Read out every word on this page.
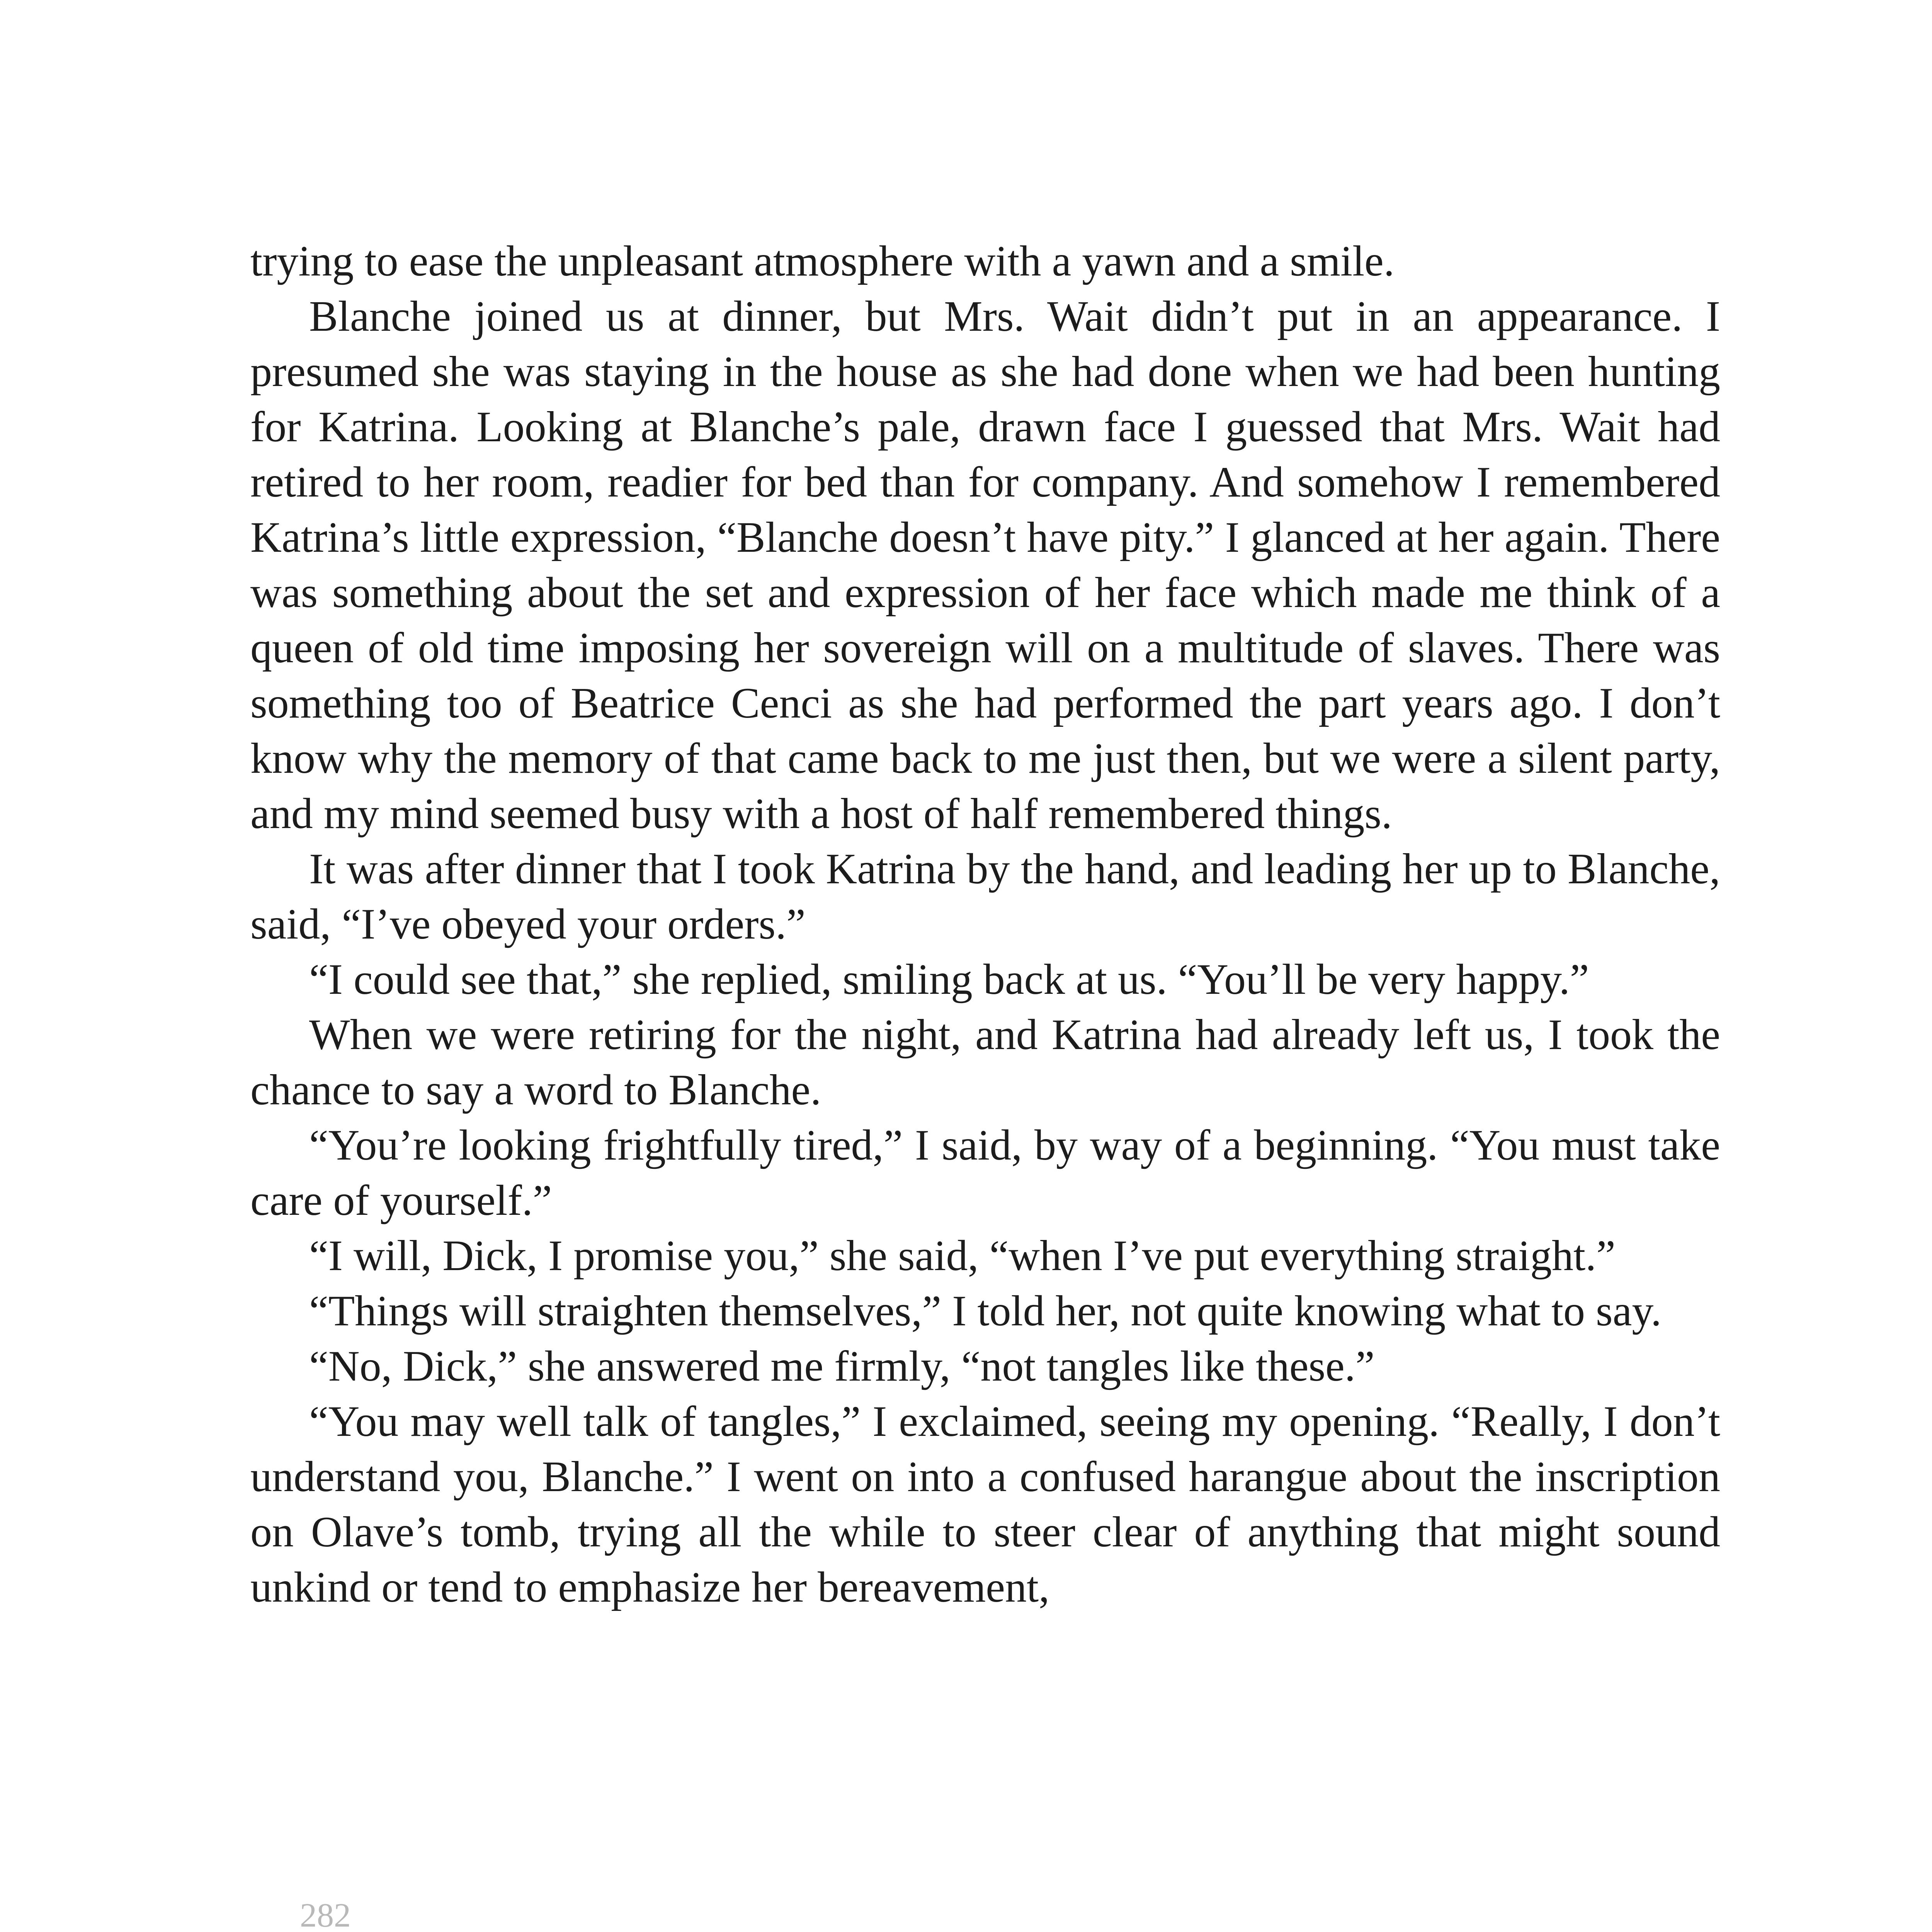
trying to ease the unpleasant atmosphere with a yawn and a smile.

Blanche joined us at dinner, but Mrs. Wait didn’t put in an appearance. I presumed she was staying in the house as she had done when we had been hunting for Katrina. Looking at Blanche’s pale, drawn face I guessed that Mrs. Wait had retired to her room, readier for bed than for company. And somehow I remembered Katrina’s little expression, “Blanche doesn’t have pity.” I glanced at her again. There was something about the set and expression of her face which made me think of a queen of old time imposing her sovereign will on a multitude of slaves. There was something too of Beatrice Cenci as she had performed the part years ago. I don’t know why the memory of that came back to me just then, but we were a silent party, and my mind seemed busy with a host of half remembered things.

It was after dinner that I took Katrina by the hand, and leading her up to Blanche, said, “I’ve obeyed your orders.”

“I could see that,” she replied, smiling back at us. “You’ll be very happy.”

When we were retiring for the night, and Katrina had already left us, I took the chance to say a word to Blanche.

“You’re looking frightfully tired,” I said, by way of a beginning. “You must take care of yourself.”

“I will, Dick, I promise you,” she said, “when I’ve put everything straight.”

“Things will straighten themselves,” I told her, not quite knowing what to say.

“No, Dick,” she answered me firmly, “not tangles like these.”

“You may well talk of tangles,” I exclaimed, seeing my opening. “Really, I don’t understand you, Blanche.” I went on into a confused harangue about the inscription on Olave’s tomb, trying all the while to steer clear of anything that might sound unkind or tend to emphasize her bereavement,

282
